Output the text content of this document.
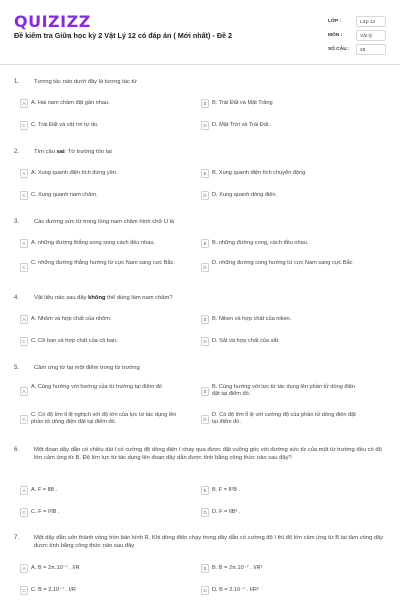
QUIZIZZ
Đề kiểm tra Giữa học kỳ 2 Vật Lý 12 có đáp án ( Mới nhất) - Đề 2
LỚP :	Lớp 12
MÔN :	Vật lý
SỐ CÂU :	28
1.	Tương tác nào dưới đây là tương tác từ
A A. Hai nam châm đặt gần nhau.	B B. Trái Đất và Mặt Trăng
C C. Trái Đất và vật rơi tự do.	D D. Mặt Trời và Trái Đất.
2.	Tìm câu sai: Từ trường tồn tại
A A. Xung quanh điện tích đứng yên.	B B. Xung quanh điện tích chuyển động
C C. Xung quanh nam châm.	D D. Xung quanh dòng điện.
3.	Các đường sức từ trong lòng nam châm hình chữ U là
A A. những đường thẳng song song cách đều nhau.	B B. những đường cong, cách đều nhau.
C
C. những đường thẳng hướng từ cực Nam sang cực Bắc.
D
D. những đường cong hướng từ cực Nam sang cực Bắc
4.	Vật liệu nào sau đây không thể dùng làm nam châm?
A A. Nhôm và hợp chất của nhôm.	B B. Niken và hợp chất của niken.
C C. Cô ban và hợp chất của cô ban.	D D. Sắt và hợp chất của sắt
5.	Cảm ứng từ tại một điểm trong từ trường
A
A. Cùng hướng với hướng của từ trường tại điểm đó
B
B. Cùng hướng với lực từ tác dụng lên phần tử dòng điện đặt tại điểm đó.
C
C. Có độ lớn tỉ lệ nghịch với độ lớn của lực từ tác dụng lên phần tử dòng điện đặt tại điểm đó.	D
D. Có độ lớn tỉ lệ với cường độ của phần tử dòng điện đặt tại điểm đó.
6.	Một đoạn dây dẫn có chiều dài l có cường độ dòng điện I chạy qua được đặt vuông góc với đường sức từ của một từ trường đều có độ lớn cảm ứng từ B. Độ lớn lực từ tác dụng lên đoạn dây dẫn được tính bằng công thức nào sau đây?
A A. F = IlB .	B B. F = Il²B .
C C. F = I²lB .	D D. F = IlB² .
7.	Một dây dẫn uốn thành vòng tròn bán kính R. Khi dòng điện chạy trong dây dẫn có cường độ I thì độ lớn cảm ứng từ B tại tâm vòng dây được tính bằng công thức nào sau đây
A A. B = 2π.10⁻⁷ . I/R	B B. B = 2π.10⁻⁷ . I/R²
C C. B = 2.10⁻⁷ . I/R	D D. B = 2.10⁻⁷ . I/R²
